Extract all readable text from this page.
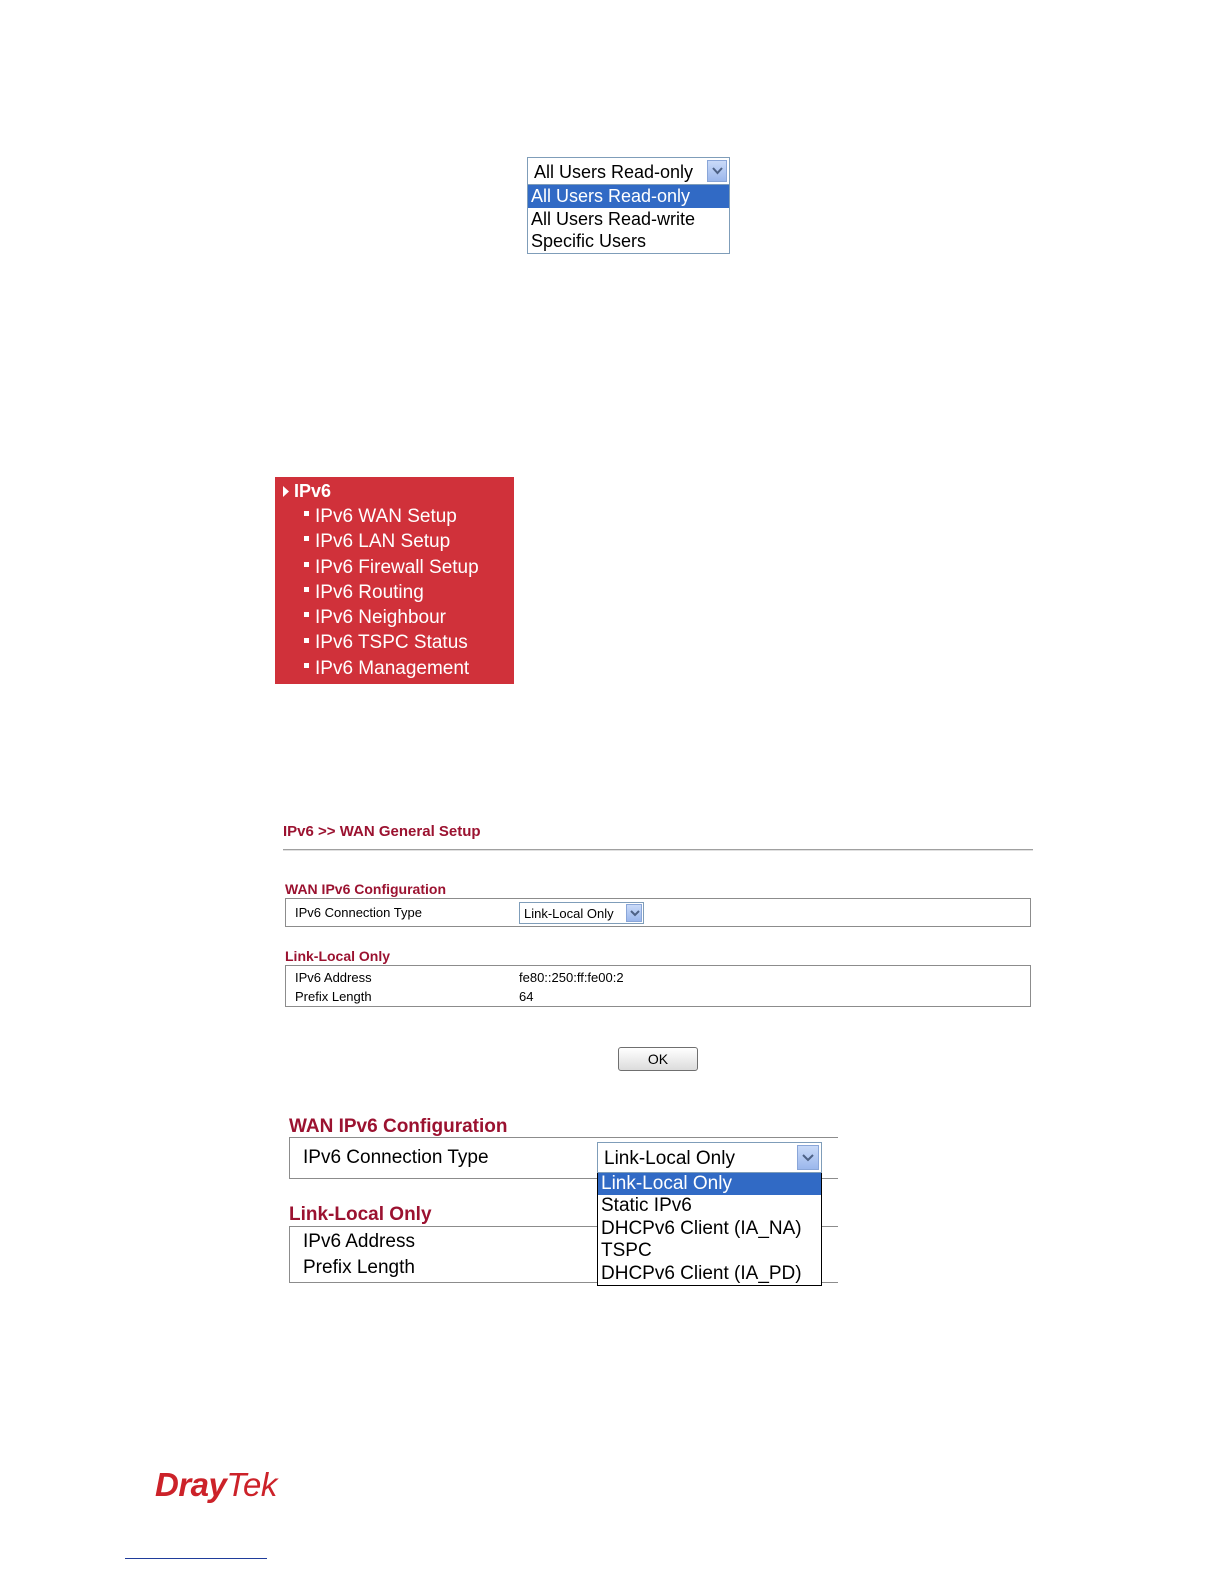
All Users Read-only
All Users Read-only
All Users Read-write
Specific Users
IPv6
IPv6 WAN Setup
IPv6 LAN Setup
IPv6 Firewall Setup
IPv6 Routing
IPv6 Neighbour
IPv6 TSPC Status
IPv6 Management
IPv6 >> WAN General Setup
WAN IPv6 Configuration
IPv6 Connection Type	Link-Local Only
Link-Local Only
IPv6 Address	fe80::250:ff:fe00:2
Prefix Length	64
OK
WAN IPv6 Configuration
IPv6 Connection Type
Link-Local Only
IPv6 Address
Prefix Length
Link-Local Only
Link-Local Only
Static IPv6
DHCPv6 Client (IA_NA)
TSPC
DHCPv6 Client (IA_PD)
DrayTek
